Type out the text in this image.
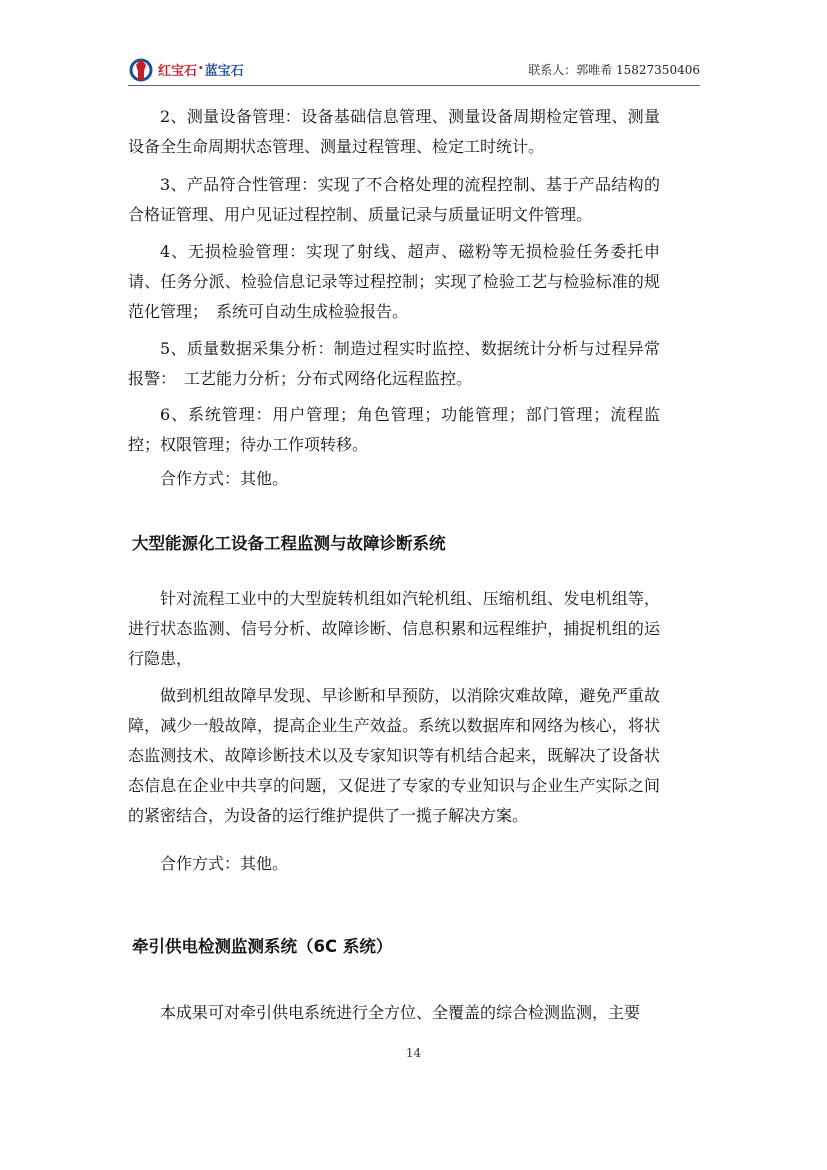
红宝石•蓝宝石	联系人：郭唯希 15827350406

2、测量设备管理：设备基础信息管理、测量设备周期检定管理、测量设备全生命周期状态管理、测量过程管理、检定工时统计。

3、产品符合性管理：实现了不合格处理的流程控制、基于产品结构的合格证管理、用户见证过程控制、质量记录与质量证明文件管理。

4、无损检验管理：实现了射线、超声、磁粉等无损检验任务委托申请、任务分派、检验信息记录等过程控制；实现了检验工艺与检验标准的规范化管理；　系统可自动生成检验报告。

5、质量数据采集分析：制造过程实时监控、数据统计分析与过程异常报警：　工艺能力分析；分布式网络化远程监控。

6、系统管理：用户管理；角色管理；功能管理；部门管理；流程监控；权限管理；待办工作项转移。

合作方式：其他。

大型能源化工设备工程监测与故障诊断系统

针对流程工业中的大型旋转机组如汽轮机组、压缩机组、发电机组等，进行状态监测、信号分析、故障诊断、信息积累和远程维护，捕捉机组的运行隐患，

做到机组故障早发现、早诊断和早预防，以消除灾难故障，避免严重故障，减少一般故障，提高企业生产效益。系统以数据库和网络为核心，将状态监测技术、故障诊断技术以及专家知识等有机结合起来，既解决了设备状态信息在企业中共享的问题，又促进了专家的专业知识与企业生产实际之间的紧密结合，为设备的运行维护提供了一揽子解决方案。

合作方式：其他。

牵引供电检测监测系统（6C 系统）

本成果可对牵引供电系统进行全方位、全覆盖的综合检测监测，主要

14
